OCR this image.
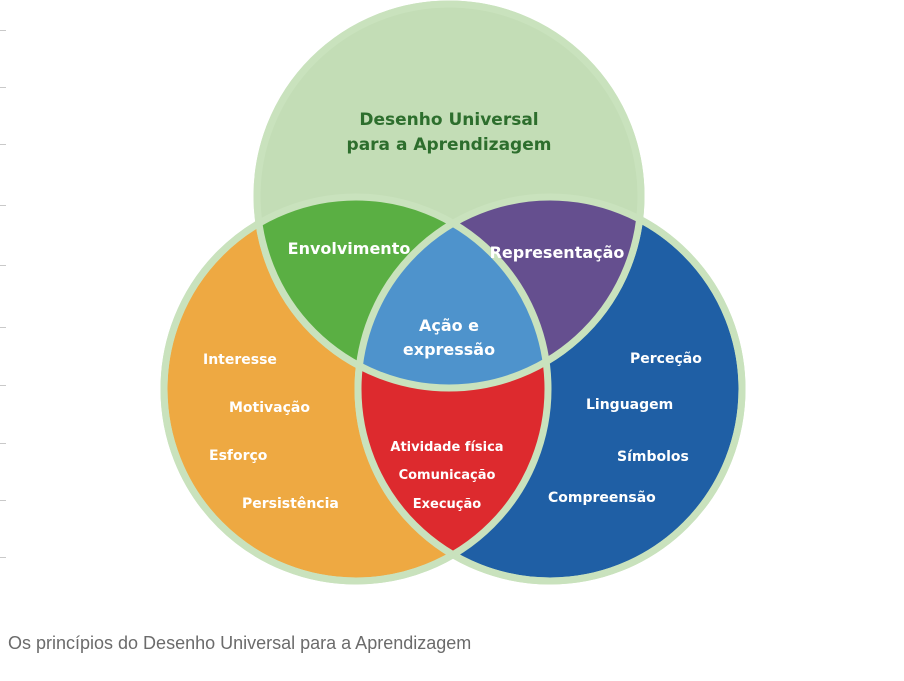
Desenho Universal
para a Aprendizagem
Envolvimento	Representação
Ação e
expressão
Interesse
Motivação
Esforço
Persistência
Perceção
Linguagem
Símbolos
Compreensão
Atividade física
Comunicação
Execução
Os princípios do Desenho Universal para a Aprendizagem
